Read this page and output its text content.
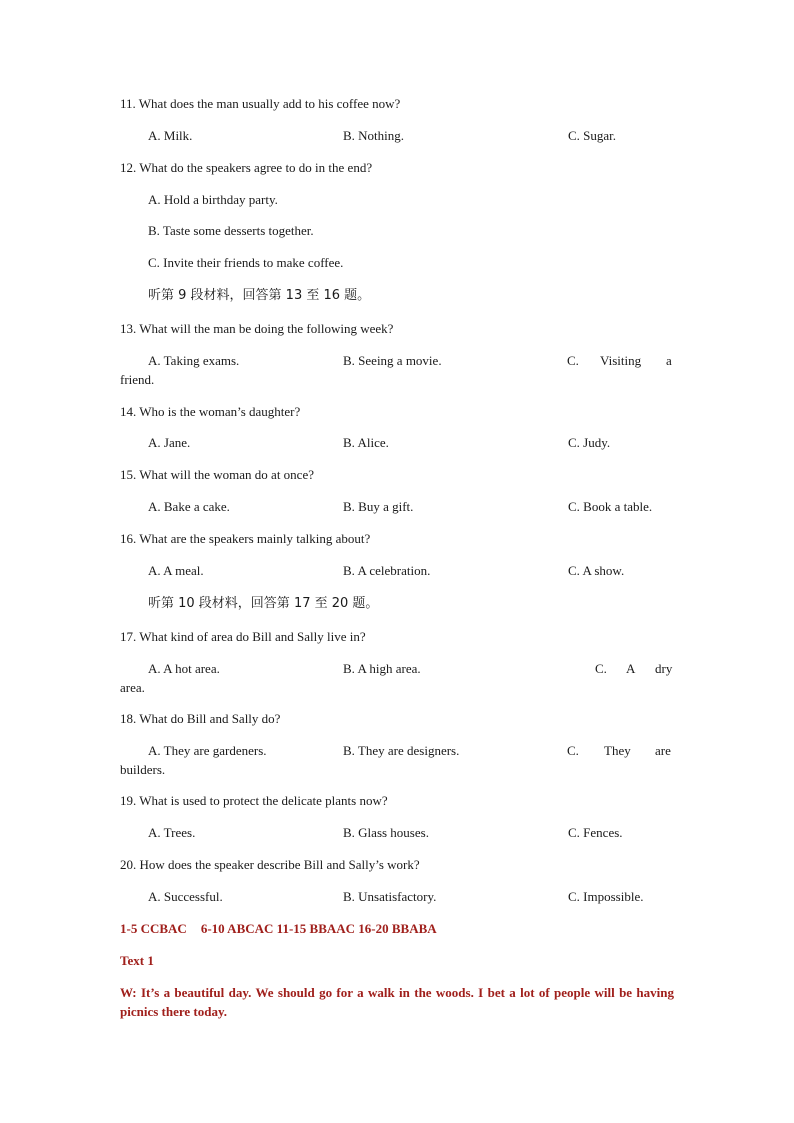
11. What does the man usually add to his coffee now?
A. Milk.	B. Nothing.	C. Sugar.
12. What do the speakers agree to do in the end?
A. Hold a birthday party.
B. Taste some desserts together.
C. Invite their friends to make coffee.
听第 9 段材料，回答第 13 至 16 题。
13. What will the man be doing the following week?
A. Taking exams.	B. Seeing a movie.	C. Visiting a
friend.
14. Who is the woman’s daughter?
A. Jane.	B. Alice.	C. Judy.
15. What will the woman do at once?
A. Bake a cake.	B. Buy a gift.	C. Book a table.
16. What are the speakers mainly talking about?
A. A meal.	B. A celebration.	C. A show.
听第 10 段材料，回答第 17 至 20 题。
17. What kind of area do Bill and Sally live in?
A. A hot area.	B. A high area.	C. A dry
area.
18. What do Bill and Sally do?
A. They are gardeners.	B. They are designers.	C. They are
builders.
19. What is used to protect the delicate plants now?
A. Trees.	B. Glass houses.	C. Fences.
20. How does the speaker describe Bill and Sally’s work?
A. Successful.	B. Unsatisfactory.	C. Impossible.
1-5 CCBAC 6-10 ABCAC 11-15 BBAAC 16-20 BBABA
Text 1
W: It’s a beautiful day. We should go for a walk in the woods. I bet a lot of people will be having picnics there today.
